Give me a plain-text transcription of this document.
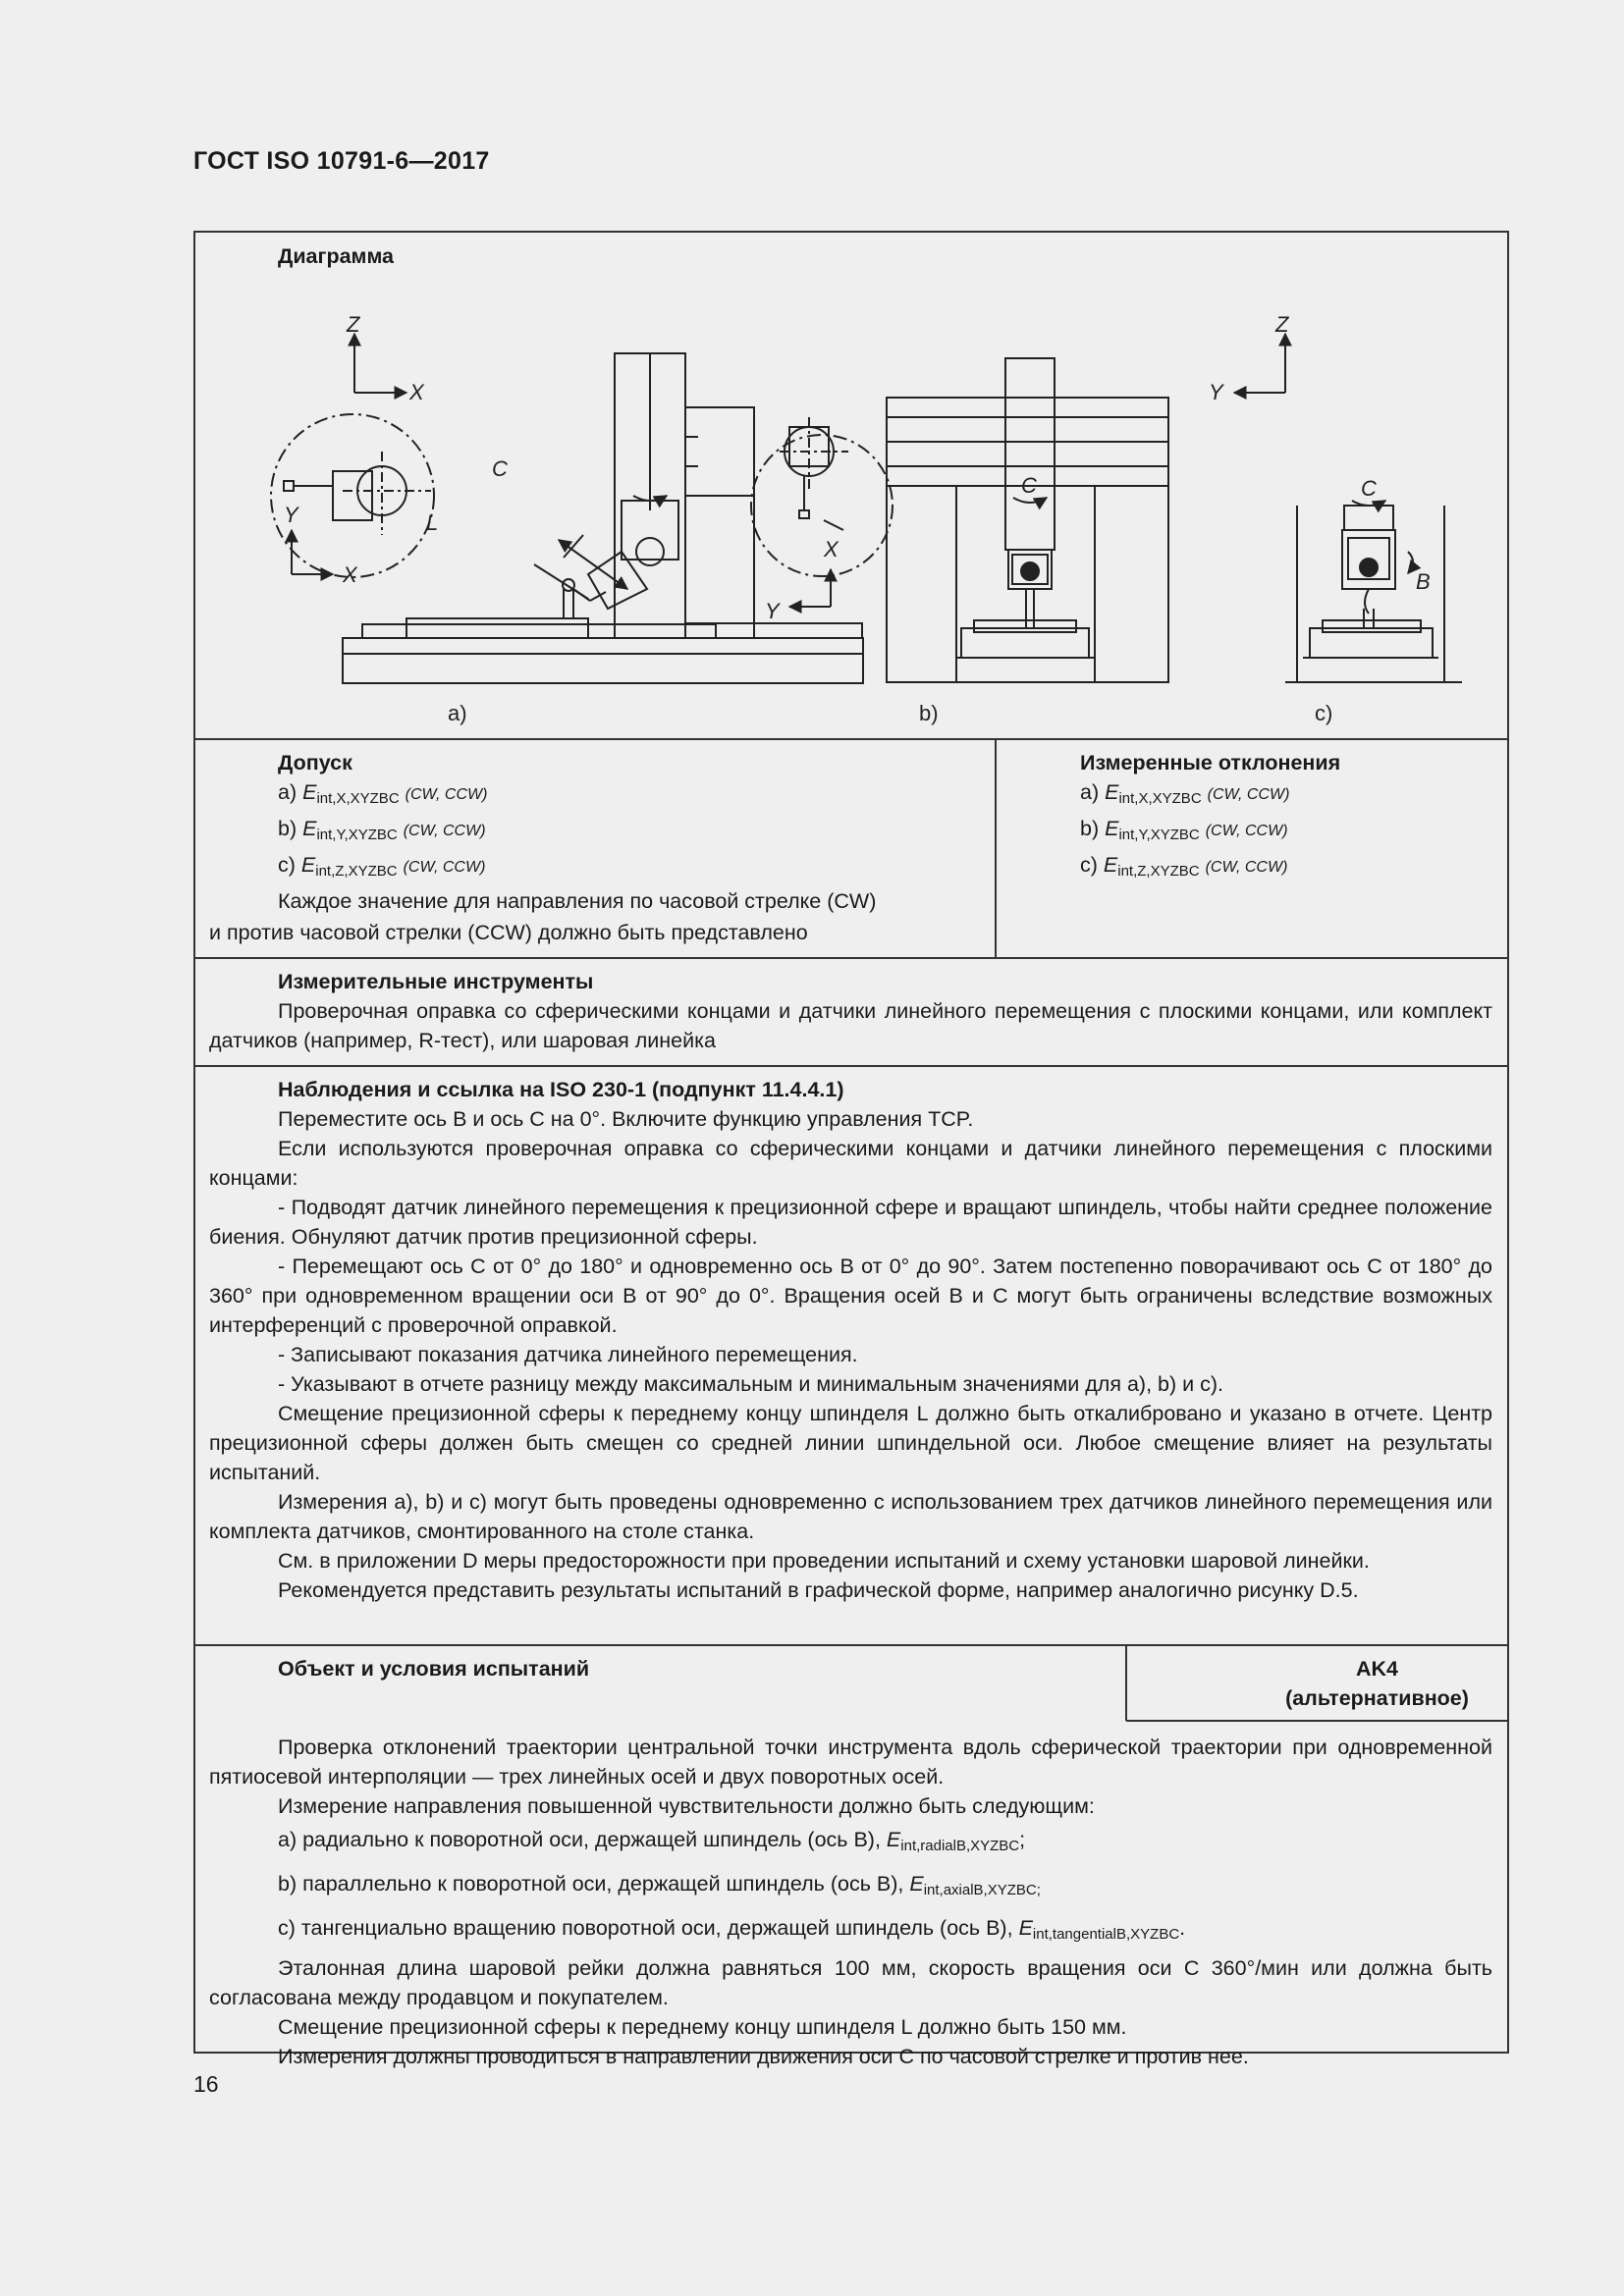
ГОСТ ISO 10791-6—2017
Диаграмма
Z
X
C
Y
X
L
C
X
Y
Z
Y
C
B
a)	b)	c)
Допуск
a) $E_{int,X,XYZBC}$ (CW, CCW)
b) $E_{int,Y,XYZBC}$ (CW, CCW)
c) $E_{int,Z,XYZBC}$ (CW, CCW)
Каждое значение для направления по часовой стрелке (CW)
и против часовой стрелки (CCW) должно быть представлено
Измеренные отклонения
a) $E_{int,X,XYZBC}$ (CW, CCW)
b) $E_{int,Y,XYZBC}$ (CW, CCW)
c) $E_{int,Z,XYZBC}$ (CW, CCW)
Измерительные инструменты
Проверочная оправка со сферическими концами и датчики линейного перемещения с плоскими концами, или комплект датчиков (например, R-тест), или шаровая линейка
Наблюдения и ссылка на ISO 230-1 (подпункт 11.4.4.1)
Переместите ось B и ось C на 0°. Включите функцию управления TCP.
Если используются проверочная оправка со сферическими концами и датчики линейного перемещения с плоскими концами:
- Подводят датчик линейного перемещения к прецизионной сфере и вращают шпиндель, чтобы найти среднее положение биения. Обнуляют датчик против прецизионной сферы.
- Перемещают ось C от 0° до 180° и одновременно ось B от 0° до 90°. Затем постепенно поворачивают ось C от 180° до 360° при одновременном вращении оси B от 90° до 0°. Вращения осей B и C могут быть ограничены вследствие возможных интерференций с проверочной оправкой.
- Записывают показания датчика линейного перемещения.
- Указывают в отчете разницу между максимальным и минимальным значениями для a), b) и c).
Смещение прецизионной сферы к переднему концу шпинделя L должно быть откалибровано и указано в отчете. Центр прецизионной сферы должен быть смещен со средней линии шпиндельной оси. Любое смещение влияет на результаты испытаний.
Измерения a), b) и c) могут быть проведены одновременно с использованием трех датчиков линейного перемещения или комплекта датчиков, смонтированного на столе станка.
См. в приложении D меры предосторожности при проведении испытаний и схему установки шаровой линейки.
Рекомендуется представить результаты испытаний в графической форме, например аналогично рисунку D.5.
Объект и условия испытаний	AK4
(альтернативное)
Проверка отклонений траектории центральной точки инструмента вдоль сферической траектории при одновременной пятиосевой интерполяции — трех линейных осей и двух поворотных осей.
Измерение направления повышенной чувствительности должно быть следующим:
a) радиально к поворотной оси, держащей шпиндель (ось B), $E_{int,radialB,XYZBC}$;
b) параллельно к поворотной оси, держащей шпиндель (ось B), $E_{int,axialB,XYZBC;}$
c) тангенциально вращению поворотной оси, держащей шпиндель (ось B), $E_{int,tangentialB,XYZBC}$.
Эталонная длина шаровой рейки должна равняться 100 мм, скорость вращения оси C 360°/мин или должна быть согласована между продавцом и покупателем.
Смещение прецизионной сферы к переднему концу шпинделя L должно быть 150 мм.
Измерения должны проводиться в направлении движения оси C по часовой стрелке и против нее.
16
